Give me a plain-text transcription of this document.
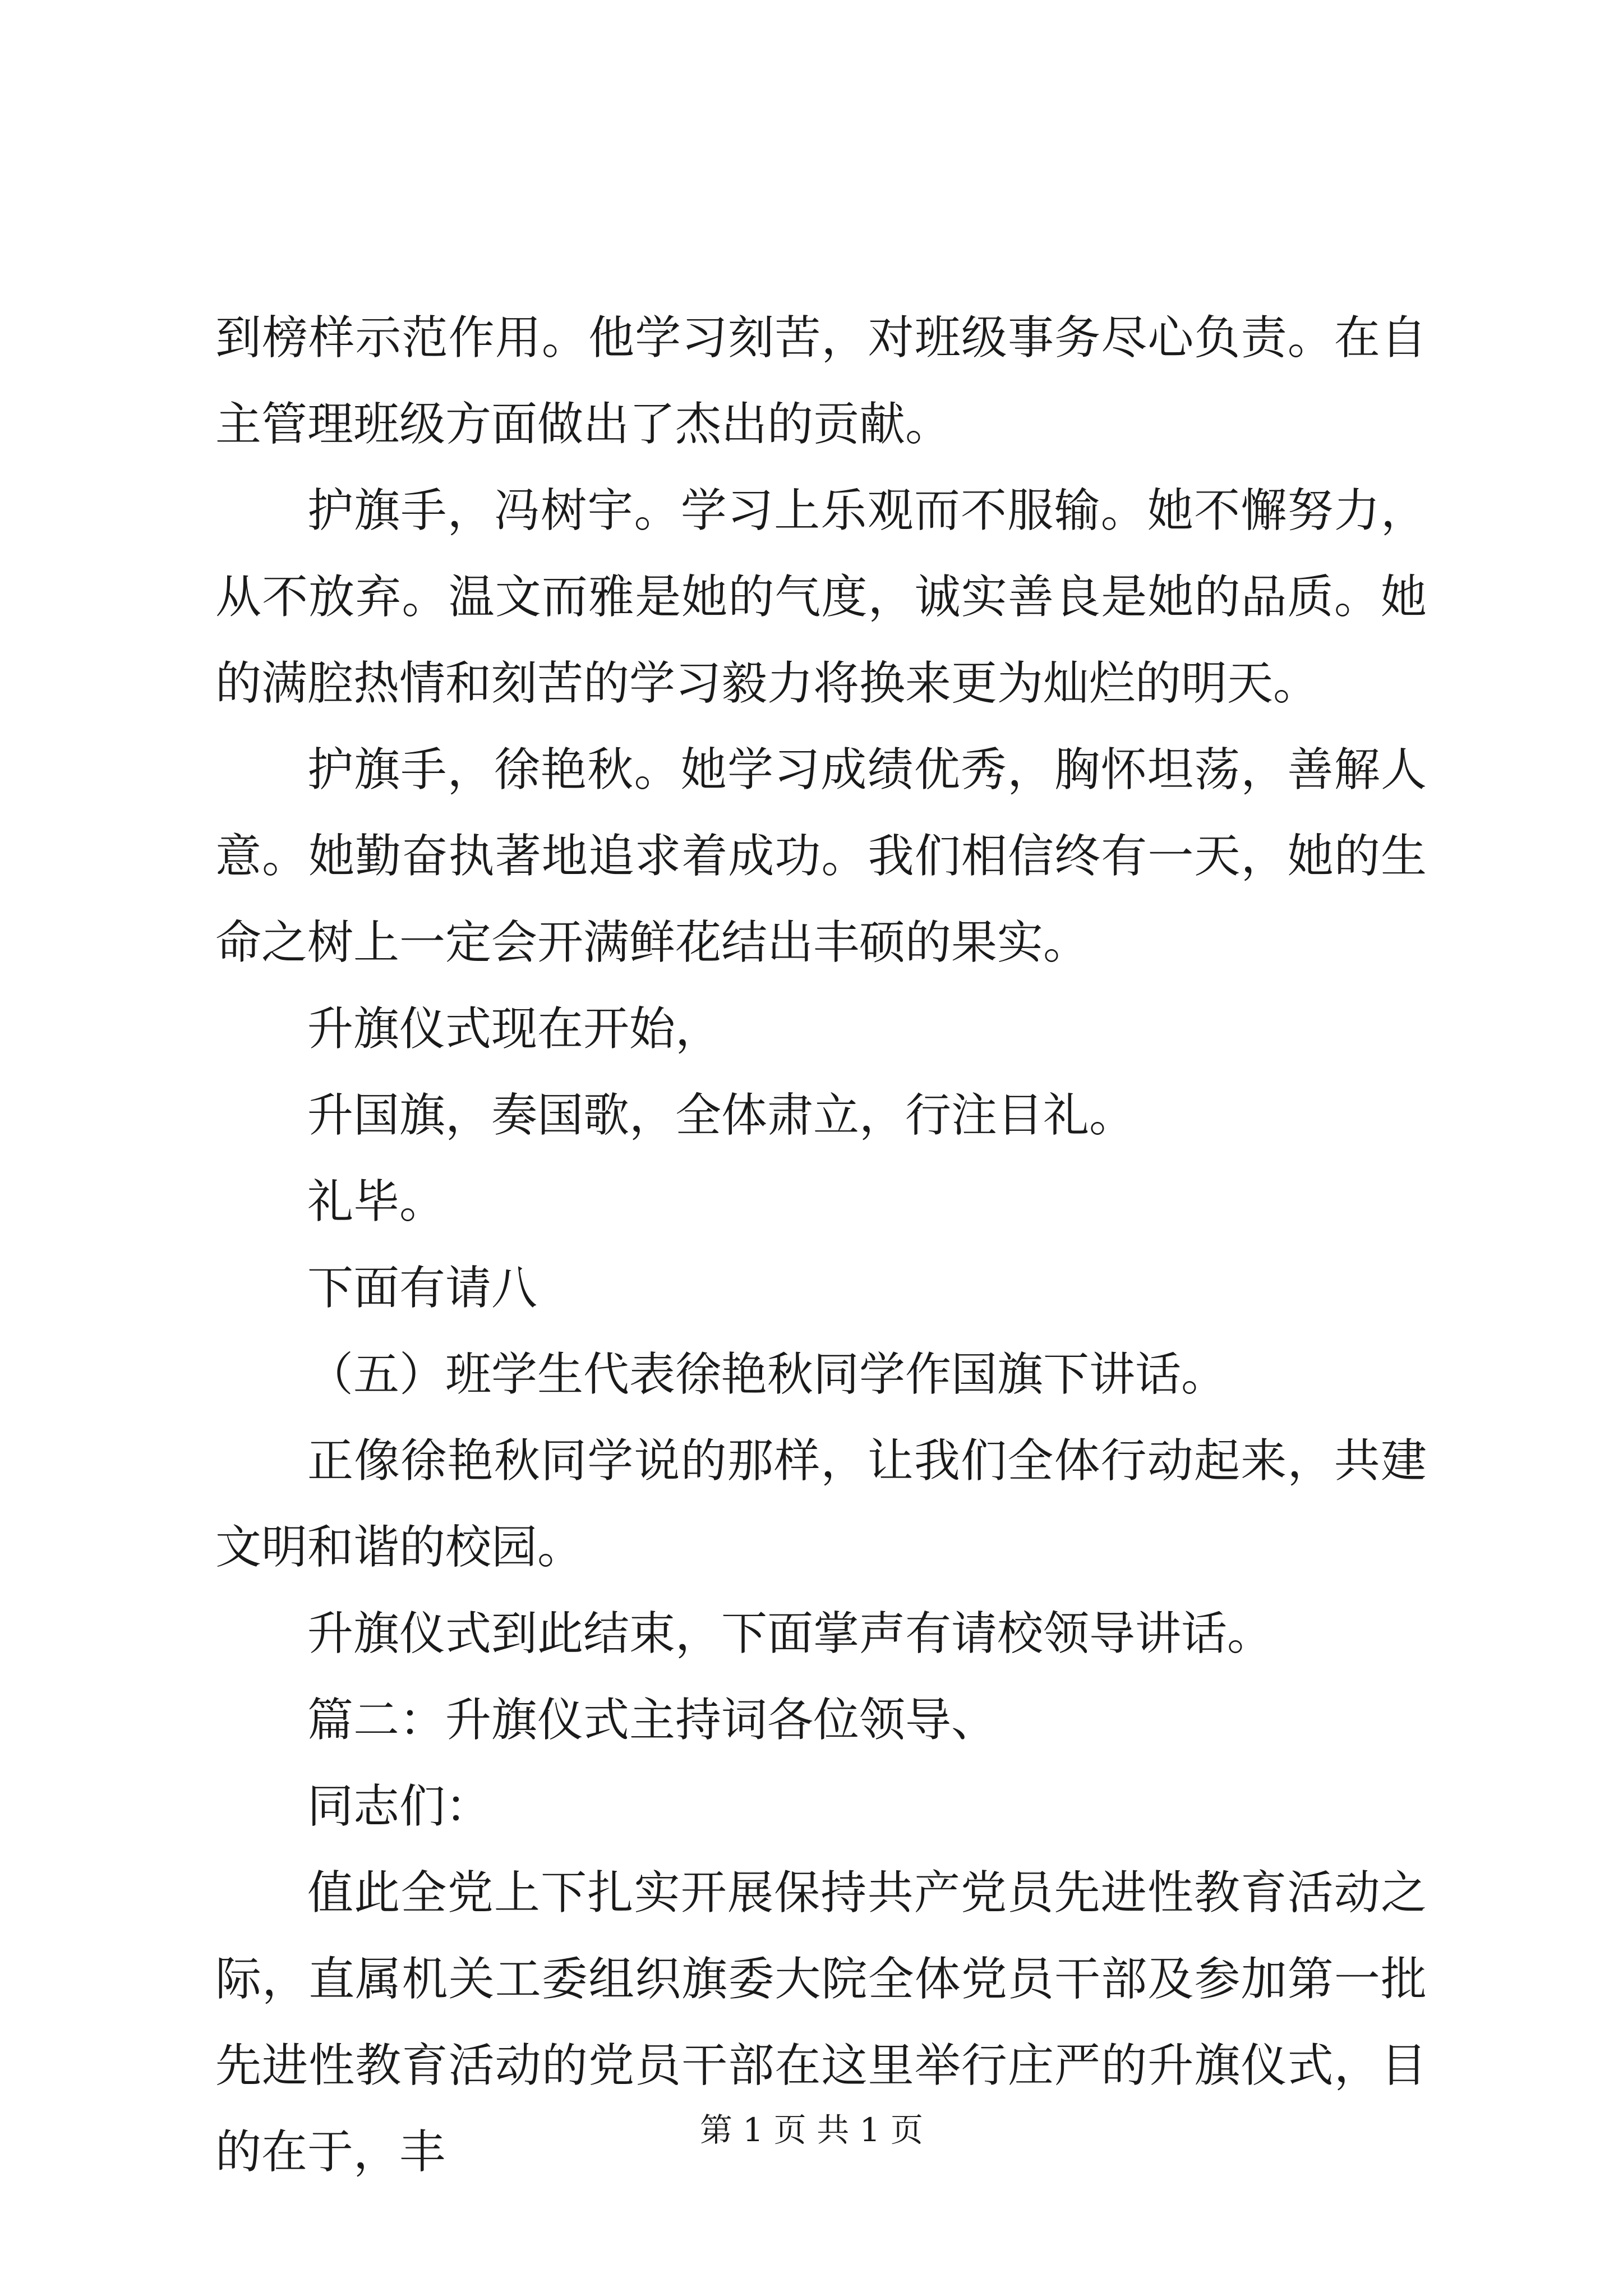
到榜样示范作用。他学习刻苦，对班级事务尽心负责。在自主管理班级方面做出了杰出的贡献。

护旗手，冯树宇。学习上乐观而不服输。她不懈努力，从不放弃。温文而雅是她的气度，诚实善良是她的品质。她的满腔热情和刻苦的学习毅力将换来更为灿烂的明天。

护旗手，徐艳秋。她学习成绩优秀，胸怀坦荡，善解人意。她勤奋执著地追求着成功。我们相信终有一天，她的生命之树上一定会开满鲜花结出丰硕的果实。

升旗仪式现在开始，

升国旗，奏国歌，全体肃立，行注目礼。

礼毕。

下面有请八

（五）班学生代表徐艳秋同学作国旗下讲话。

正像徐艳秋同学说的那样，让我们全体行动起来，共建文明和谐的校园。

升旗仪式到此结束，下面掌声有请校领导讲话。

篇二：升旗仪式主持词各位领导、

同志们：

值此全党上下扎实开展保持共产党员先进性教育活动之际，直属机关工委组织旗委大院全体党员干部及参加第一批先进性教育活动的党员干部在这里举行庄严的升旗仪式，目的在于，丰	第 1 页 共 1 页
